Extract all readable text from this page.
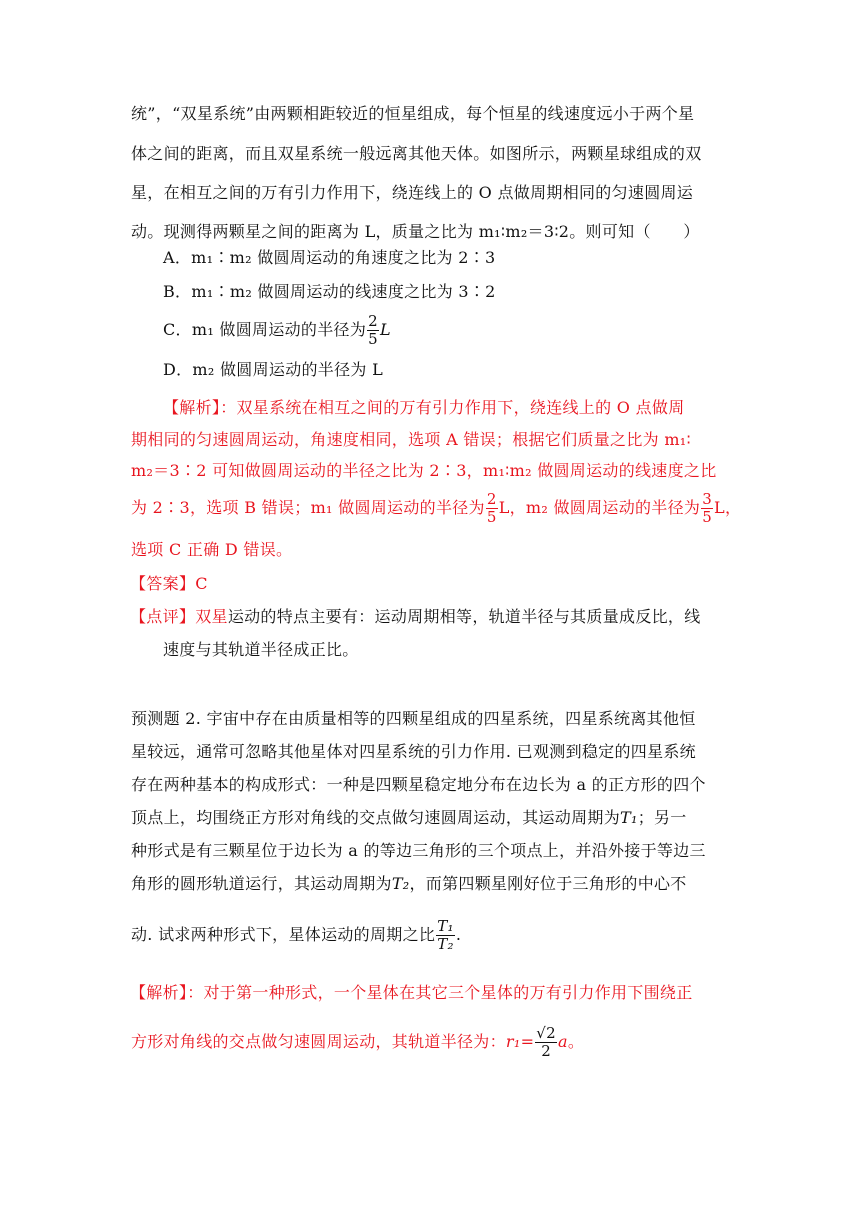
统”，“双星系统”由两颗相距较近的恒星组成，每个恒星的线速度远小于两个星
体之间的距离，而且双星系统一般远离其他天体。如图所示，两颗星球组成的双
星，在相互之间的万有引力作用下，绕连线上的 O 点做周期相同的匀速圆周运
动。现测得两颗星之间的距离为 L，质量之比为 m₁∶m₂＝3∶2。则可知（　　）
A．m₁∶m₂ 做圆周运动的角速度之比为 2∶3
B．m₁∶m₂ 做圆周运动的线速度之比为 3∶2
C．m₁ 做圆周运动的半径为 $\frac{2}{5}$ L
D．m₂ 做圆周运动的半径为 L
【解析】：双星系统在相互之间的万有引力作用下，绕连线上的 O 点做周
期相同的匀速圆周运动，角速度相同，选项 A 错误；根据它们质量之比为 m₁∶
m₂＝3∶2 可知做圆周运动的半径之比为 2∶3，m₁∶m₂ 做圆周运动的线速度之比
为 2∶3，选项 B 错误；m₁ 做圆周运动的半径为 $\frac{2}{5}$ L，m₂ 做圆周运动的半径为 $\frac{3}{5}$ L，
选项 C 正确 D 错误。
【答案】C
【点评】双星运动的特点主要有：运动周期相等，轨道半径与其质量成反比，线
速度与其轨道半径成正比。
预测题 2. 宇宙中存在由质量相等的四颗星组成的四星系统，四星系统离其他恒
星较远，通常可忽略其他星体对四星系统的引力作用. 已观测到稳定的四星系统
存在两种基本的构成形式：一种是四颗星稳定地分布在边长为 a 的正方形的四个
顶点上，均围绕正方形对角线的交点做匀速圆周运动，其运动周期为T₁；另一
种形式是有三颗星位于边长为 a 的等边三角形的三个项点上，并沿外接于等边三
角形的圆形轨道运行，其运动周期为T₂，而第四颗星刚好位于三角形的中心不
动. 试求两种形式下，星体运动的周期之比 $\frac{\text{T₁}}{\text{T₂}}$ .
【解析】：对于第一种形式，一个星体在其它三个星体的万有引力作用下围绕正
方形对角线的交点做匀速圆周运动，其轨道半径为：$r_1= \frac{√2}{2}$ a。
